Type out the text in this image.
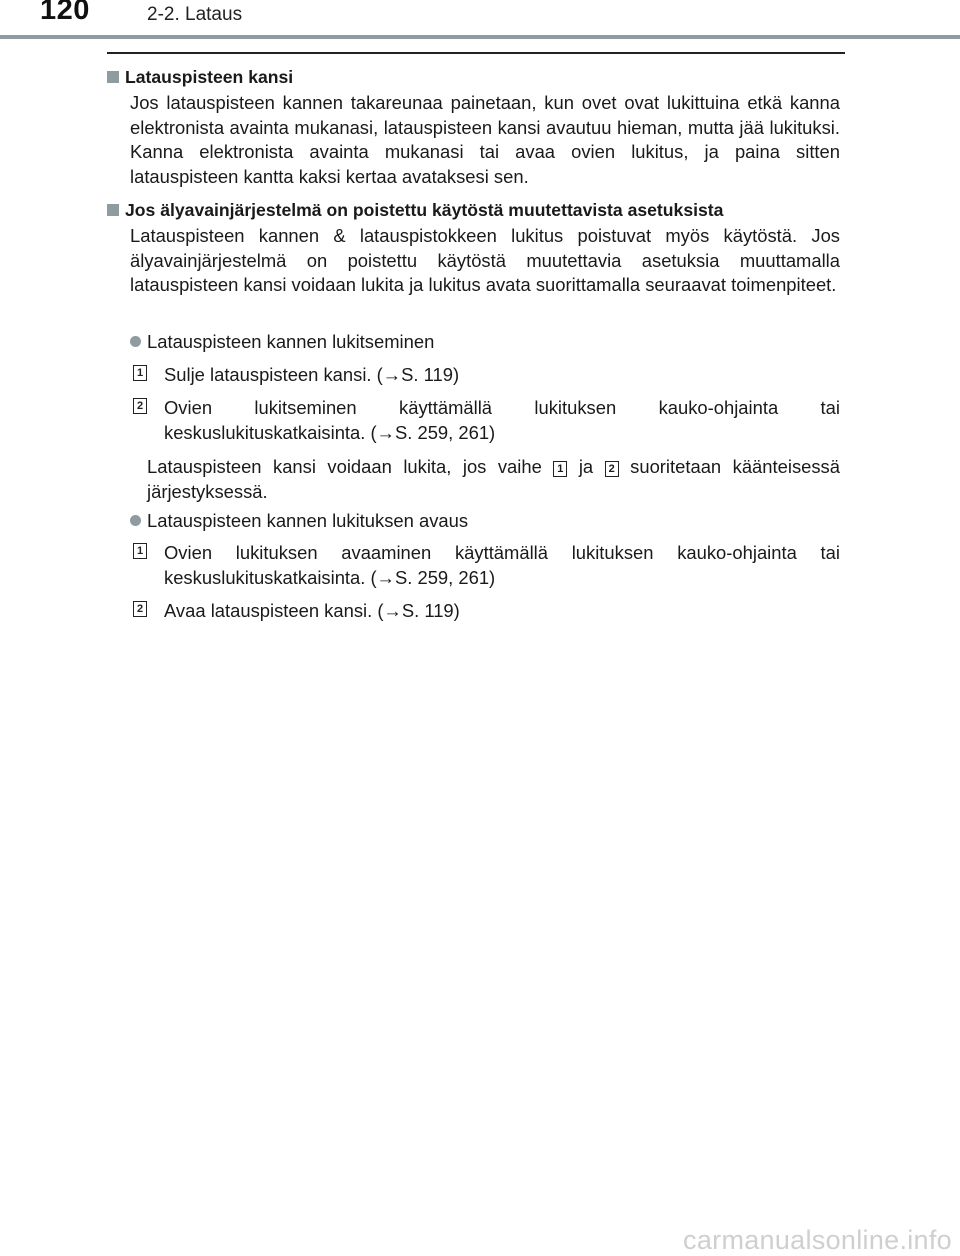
120	2-2. Lataus
Latauspisteen kansi
Jos latauspisteen kannen takareunaa painetaan, kun ovet ovat lukittuina etkä kanna elektronista avainta mukanasi, latauspisteen kansi avautuu hieman, mutta jää lukituksi. Kanna elektronista avainta mukanasi tai avaa ovien lukitus, ja paina sitten latauspisteen kantta kaksi kertaa avataksesi sen.
Jos älyavainjärjestelmä on poistettu käytöstä muutettavista asetuksista
Latauspisteen kannen & latauspistokkeen lukitus poistuvat myös käytöstä. Jos älyavainjärjestelmä on poistettu käytöstä muutettavia asetuksia muuttamalla latauspisteen kansi voidaan lukita ja lukitus avata suorittamalla seuraavat toimenpiteet.
Latauspisteen kannen lukitseminen
1 Sulje latauspisteen kansi. (→S. 119)
2 Ovien lukitseminen käyttämällä lukituksen kauko-ohjainta tai keskuslukituskatkaisinta. (→S. 259, 261)
Latauspisteen kansi voidaan lukita, jos vaihe 1 ja 2 suoritetaan käänteisessä järjestyksessä.
Latauspisteen kannen lukituksen avaus
1 Ovien lukituksen avaaminen käyttämällä lukituksen kauko-ohjainta tai keskuslukituskatkaisinta. (→S. 259, 261)
2 Avaa latauspisteen kansi. (→S. 119)
carmanualsonline.info
